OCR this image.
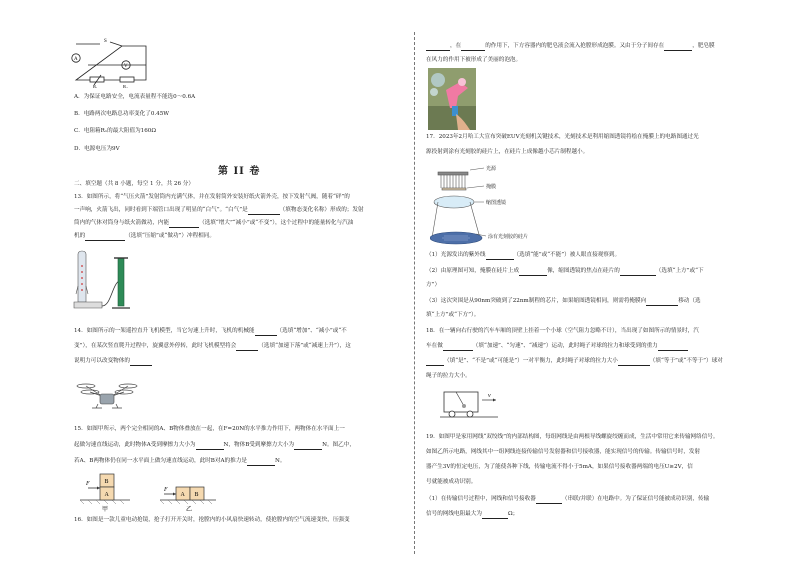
S
A
V
R₁	R₂
A．为保证电路安全，电流表量程不能选0～0.6A
B．电路两次电路总功率变化了0.45W
C．电阻箱R₁的最大阻值为160Ω
D．电源电压为9V
第 II 卷
二、填空题（共 8 小题，每空 1 分，共 26 分）
13．如图所示，将“气压火箭”发射筒内充满气体，并在发射筒外安装好纸火箭外壳，按下发射气阀，随着“砰”的
一声响，火箭飞出，同时看到下端管口出现了明显的“白气”。“白气”是	（填物态变化名称）形成的；发射
筒内的气体对筒身与纸火箭做功，内能	（选填“增大”“减小”或“不变”），这个过程中的能量转化与汽油
机的	（选填“压缩”或“做功”）冲程相同。
14．如图所示的一架遥控直升飞机模型，当它匀速上升时，飞机的机械能	（选填“增加”、“减小”或“不
变”），在某次竖直爬升过程中，旋翼意外停转，此时飞机模型将会	（选填“加速下落”或“减速上升”），这
说明力可以改变物体的
15．如图甲所示，两个完全相同的A、B物体叠放在一起，在F=20N的水平推力作用下，两物体在水平面上一
起做匀速直线运动，此时物体A受到摩擦力大小为	N，物体B受到摩擦力大小为	N。图乙中，
若A、B两物体仍在同一水平面上做匀速直线运动，此时B对A的推力是	N。
F B
A
甲
F
A B
乙
16．如图是一款儿童电动抢镜，抢子打开开关时，抢膛内的小风扇快速转动，使抢膛内的空气流速变快，压强变
，在	的作用下，下方容器内的肥皂液会流入抢膛形成泡膜。又由于分子间存在	，肥皂膜
在风力的作用下被形成了美丽的泡泡。
17．2023年2月哈工大宣布突破EUV光刻机关键技术，光刻技术是利用缩图透镜将绘在掩膜上的电路图通过光
源投射到涂有光刻胶的硅片上，在硅片上成像越小芯片制程越小。
光源
掩膜
缩图透镜
涂有光刻胶的硅片
（1）光源发出的紫外线	（选填“能”或“不能”）被人眼直接观察到。
（2）由原理图可知，掩膜在硅片上成	像，缩图透镜的焦点在硅片的	（选填“上方”或“下
方”）
（3）这次突围是从90nm突破到了22nm制程的芯片，如果缩图透镜相同，则需将掩膜向	移动（选
填“上方”或“下方”）。
18．在一辆向右行驶的汽车车厢的顶壁上挂着一个小球（空气阻力忽略不计），当出现了如图所示的情景时，汽
车在做	（填“加速”、“匀速”、“减速”）运动，此时绳子对球的拉力和球受到的重力
（填“是”、“不是”或“可能是”）一对平衡力，此时绳子对球的拉力大小	（填“等于”或“不等于”）球对
绳子的拉力大小。
v
19．如图甲是家用网线“双绞线”的内部结构图，每组网线是由两根导线螺旋绞缠而成，生活中常用它来传输网络信号。
如图乙所示电路，网线其中一组网线连接传输信号发射器和信号接收器，能实现信号的传输。传输信号时，发射
器产生3V的恒定电压，为了能使各种下线，传输电流不得小于5mA，如果信号接收器两端的电压U≥2V，信
号就能被成功识别。
（1）在传输信号过程中，网线和信号接收器	（串联/并联）在电路中。为了保证信号能被成功识别，传输
信号的网线电阻最大为	Ω；
